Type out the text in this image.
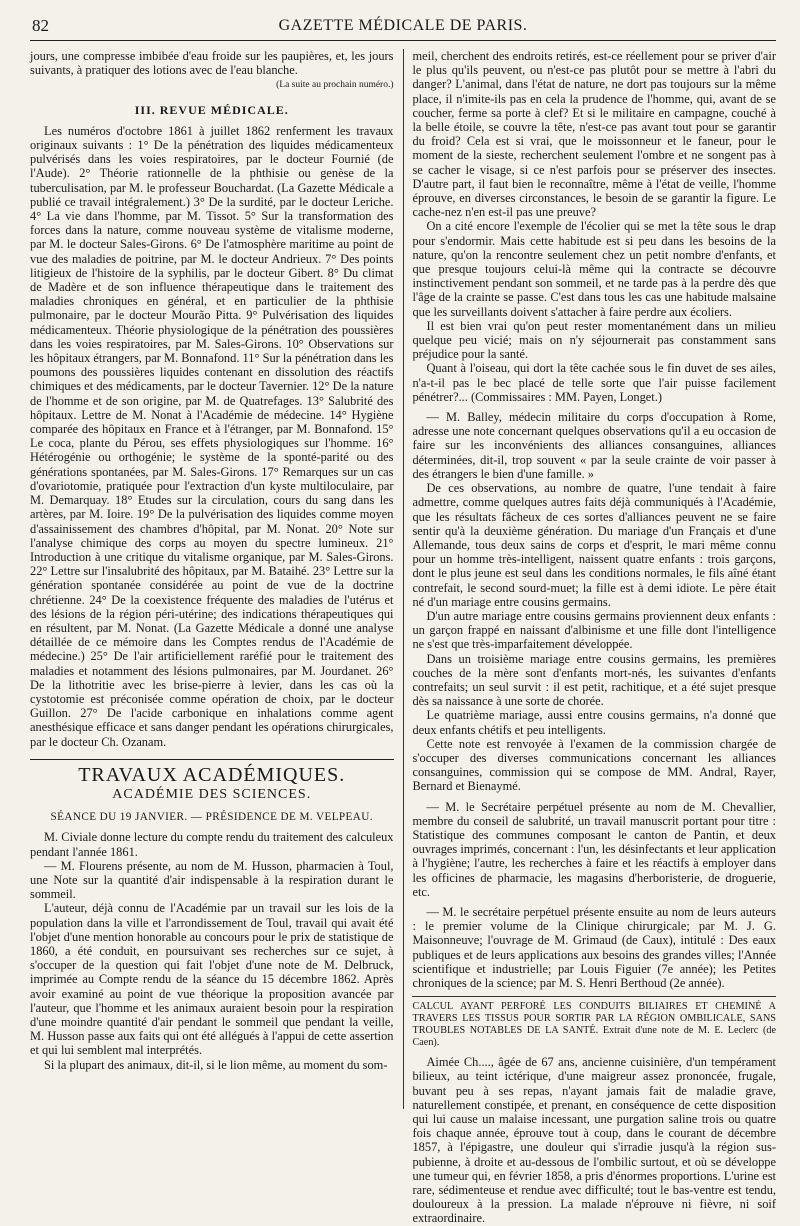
82	GAZETTE MÉDICALE DE PARIS.

jours, une compresse imbibée d'eau froide sur les paupières, et, les jours suivants, à pratiquer des lotions avec de l'eau blanche.

(La suite au prochain numéro.)
III. REVUE MÉDICALE.

Les numéros d'octobre 1861 à juillet 1862 renferment les travaux originaux suivants : 1° De la pénétration des liquides médicamenteux pulvérisés dans les voies respiratoires, par le docteur Fournié (de l'Aude). 2° Théorie rationnelle de la phthisie ou genèse de la tuberculisation, par M. le professeur Bouchardat. (La Gazette Médicale a publié ce travail intégralement.) 3° De la surdité, par le docteur Leriche. 4° La vie dans l'homme, par M. Tissot. 5° Sur la transformation des forces dans la nature, comme nouveau système de vitalisme moderne, par M. le docteur Sales-Girons. 6° De l'atmosphère maritime au point de vue des maladies de poitrine, par M. le docteur Andrieux. 7° Des points litigieux de l'histoire de la syphilis, par le docteur Gibert. 8° Du climat de Madère et de son influence thérapeutique dans le traitement des maladies chroniques en général, et en particulier de la phthisie pulmonaire, par le docteur Mourão Pitta. 9° Pulvérisation des liquides médicamenteux. Théorie physiologique de la pénétration des poussières dans les voies respiratoires, par M. Sales-Girons. 10° Observations sur les hôpitaux étrangers, par M. Bonnafond. 11° Sur la pénétration dans les poumons des poussières liquides contenant en dissolution des réactifs chimiques et des médicaments, par le docteur Tavernier. 12° De la nature de l'homme et de son origine, par M. de Quatrefages. 13° Salubrité des hôpitaux. Lettre de M. Nonat à l'Académie de médecine. 14° Hygiène comparée des hôpitaux en France et à l'étranger, par M. Bonnafond. 15° Le coca, plante du Pérou, ses effets physiologiques sur l'homme. 16° Hétérogénie ou orthogénie; le système de la sponté-parité ou des générations spontanées, par M. Sales-Girons. 17° Remarques sur un cas d'ovariotomie, pratiquée pour l'extraction d'un kyste multiloculaire, par M. Demarquay. 18° Etudes sur la circulation, cours du sang dans les artères, par M. Ioire. 19° De la pulvérisation des liquides comme moyen d'assainissement des chambres d'hôpital, par M. Nonat. 20° Note sur l'analyse chimique des corps au moyen du spectre lumineux. 21° Introduction à une critique du vitalisme organique, par M. Sales-Girons. 22° Lettre sur l'insalubrité des hôpitaux, par M. Bataihé. 23° Lettre sur la génération spontanée considérée au point de vue de la doctrine chrétienne. 24° De la coexistence fréquente des maladies de l'utérus et des lésions de la région péri-utérine; des indications thérapeutiques qui en résultent, par M. Nonat. (La Gazette Médicale a donné une analyse détaillée de ce mémoire dans les Comptes rendus de l'Académie de médecine.) 25° De l'air artificiellement raréfié pour le traitement des maladies et notamment des lésions pulmonaires, par M. Jourdanet. 26° De la lithotritie avec les brise-pierre à levier, dans les cas où la cystotomie est préconisée comme opération de choix, par le docteur Guillon. 27° De l'acide carbonique en inhalations comme agent anesthésique efficace et sans danger pendant les opérations chirurgicales, par le docteur Ch. Ozanam.

TRAVAUX ACADÉMIQUES.
ACADÉMIE DES SCIENCES.
SÉANCE DU 19 JANVIER. — PRÉSIDENCE DE M. VELPEAU.

M. Civiale donne lecture du compte rendu du traitement des calculeux pendant l'année 1861.

— M. Flourens présente, au nom de M. Husson, pharmacien à Toul, une Note sur la quantité d'air indispensable à la respiration durant le sommeil.

L'auteur, déjà connu de l'Académie par un travail sur les lois de la population dans la ville et l'arrondissement de Toul, travail qui avait été l'objet d'une mention honorable au concours pour le prix de statistique de 1860, a été conduit, en poursuivant ses recherches sur ce sujet, à s'occuper de la question qui fait l'objet d'une note de M. Delbruck, imprimée au Compte rendu de la séance du 15 décembre 1862. Après avoir examiné au point de vue théorique la proposition avancée par l'auteur, que l'homme et les animaux auraient besoin pour la respiration d'une moindre quantité d'air pendant le sommeil que pendant la veille, M. Husson passe aux faits qui ont été allégués à l'appui de cette assertion et qui lui semblent mal interprétés.

Si la plupart des animaux, dit-il, si le lion même, au moment du som-

meil, cherchent des endroits retirés, est-ce réellement pour se priver d'air le plus qu'ils peuvent, ou n'est-ce pas plutôt pour se mettre à l'abri du danger? L'animal, dans l'état de nature, ne dort pas toujours sur la même place, il n'imite-ils pas en cela la prudence de l'homme, qui, avant de se coucher, ferme sa porte à clef? Et si le militaire en campagne, couché à la belle étoile, se couvre la tête, n'est-ce pas avant tout pour se garantir du froid? Cela est si vrai, que le moissonneur et le faneur, pour le moment de la sieste, recherchent seulement l'ombre et ne songent pas à se cacher le visage, si ce n'est parfois pour se préserver des insectes. D'autre part, il faut bien le reconnaître, même à l'état de veille, l'homme éprouve, en diverses circonstances, le besoin de se garantir la figure. Le cache-nez n'en est-il pas une preuve?

On a cité encore l'exemple de l'écolier qui se met la tête sous le drap pour s'endormir. Mais cette habitude est si peu dans les besoins de la nature, qu'on la rencontre seulement chez un petit nombre d'enfants, et que presque toujours celui-là même qui la contracte se découvre instinctivement pendant son sommeil, et ne tarde pas à la perdre dès que l'âge de la crainte se passe. C'est dans tous les cas une habitude malsaine que les surveillants doivent s'attacher à faire perdre aux écoliers.

Il est bien vrai qu'on peut rester momentanément dans un milieu quelque peu vicié; mais on n'y séjournerait pas constamment sans préjudice pour la santé.

Quant à l'oiseau, qui dort la tête cachée sous le fin duvet de ses ailes, n'a-t-il pas le bec placé de telle sorte que l'air puisse facilement pénétrer?... (Commissaires : MM. Payen, Longet.)

— M. Balley, médecin militaire du corps d'occupation à Rome, adresse une note concernant quelques observations qu'il a eu occasion de faire sur les inconvénients des alliances consanguines, alliances déterminées, dit-il, trop souvent « par la seule crainte de voir passer à des étrangers le bien d'une famille. »

De ces observations, au nombre de quatre, l'une tendait à faire admettre, comme quelques autres faits déjà communiqués à l'Académie, que les résultats fâcheux de ces sortes d'alliances peuvent ne se faire sentir qu'à la deuxième génération. Du mariage d'un Français et d'une Allemande, tous deux sains de corps et d'esprit, le mari même connu pour un homme très-intelligent, naissent quatre enfants : trois garçons, dont le plus jeune est seul dans les conditions normales, le fils aîné étant contrefait, le second sourd-muet; la fille est à demi idiote. Le père était né d'un mariage entre cousins germains.

D'un autre mariage entre cousins germains proviennent deux enfants : un garçon frappé en naissant d'albinisme et une fille dont l'intelligence ne s'est que très-imparfaitement développée.

Dans un troisième mariage entre cousins germains, les premières couches de la mère sont d'enfants mort-nés, les suivantes d'enfants contrefaits; un seul survit : il est petit, rachitique, et a été sujet presque dès sa naissance à une sorte de chorée.

Le quatrième mariage, aussi entre cousins germains, n'a donné que deux enfants chétifs et peu intelligents.

Cette note est renvoyée à l'examen de la commission chargée de s'occuper des diverses communications concernant les alliances consanguines, commission qui se compose de MM. Andral, Rayer, Bernard et Bienaymé.

— M. le Secrétaire perpétuel présente au nom de M. Chevallier, membre du conseil de salubrité, un travail manuscrit portant pour titre : Statistique des communes composant le canton de Pantin, et deux ouvrages imprimés, concernant : l'un, les désinfectants et leur application à l'hygiène; l'autre, les recherches à faire et les réactifs à employer dans les officines de pharmacie, les magasins d'herboristerie, de droguerie, etc.

— M. le secrétaire perpétuel présente ensuite au nom de leurs auteurs : le premier volume de la Clinique chirurgicale; par M. J. G. Maisonneuve; l'ouvrage de M. Grimaud (de Caux), intitulé : Des eaux publiques et de leurs applications aux besoins des grandes villes; l'Année scientifique et industrielle; par Louis Figuier (7e année); les Petites chroniques de la science; par M. S. Henri Berthoud (2e année).

CALCUL AYANT PERFORÉ LES CONDUITS BILIAIRES ET CHEMINÉ A TRAVERS LES TISSUS POUR SORTIR PAR LA RÉGION OMBILICALE, SANS TROUBLES NOTABLES DE LA SANTÉ. Extrait d'une note de M. E. Leclerc (de Caen).

Aimée Ch...., âgée de 67 ans, ancienne cuisinière, d'un tempérament bilieux, au teint ictérique, d'une maigreur assez prononcée, frugale, buvant peu à ses repas, n'ayant jamais fait de maladie grave, naturellement constipée, et prenant, en conséquence de cette disposition qui lui cause un malaise incessant, une purgation saline trois ou quatre fois chaque année, éprouve tout à coup, dans le courant de décembre 1857, à l'épigastre, une douleur qui s'irradie jusqu'à la région sus-pubienne, à droite et au-dessous de l'ombilic surtout, et où se développe une tumeur qui, en février 1858, a pris d'énormes proportions. L'urine est rare, sédimenteuse et rendue avec difficulté; tout le bas-ventre est tendu, douloureux à la pression. La malade n'éprouve ni fièvre, ni soif extraordinaire.
